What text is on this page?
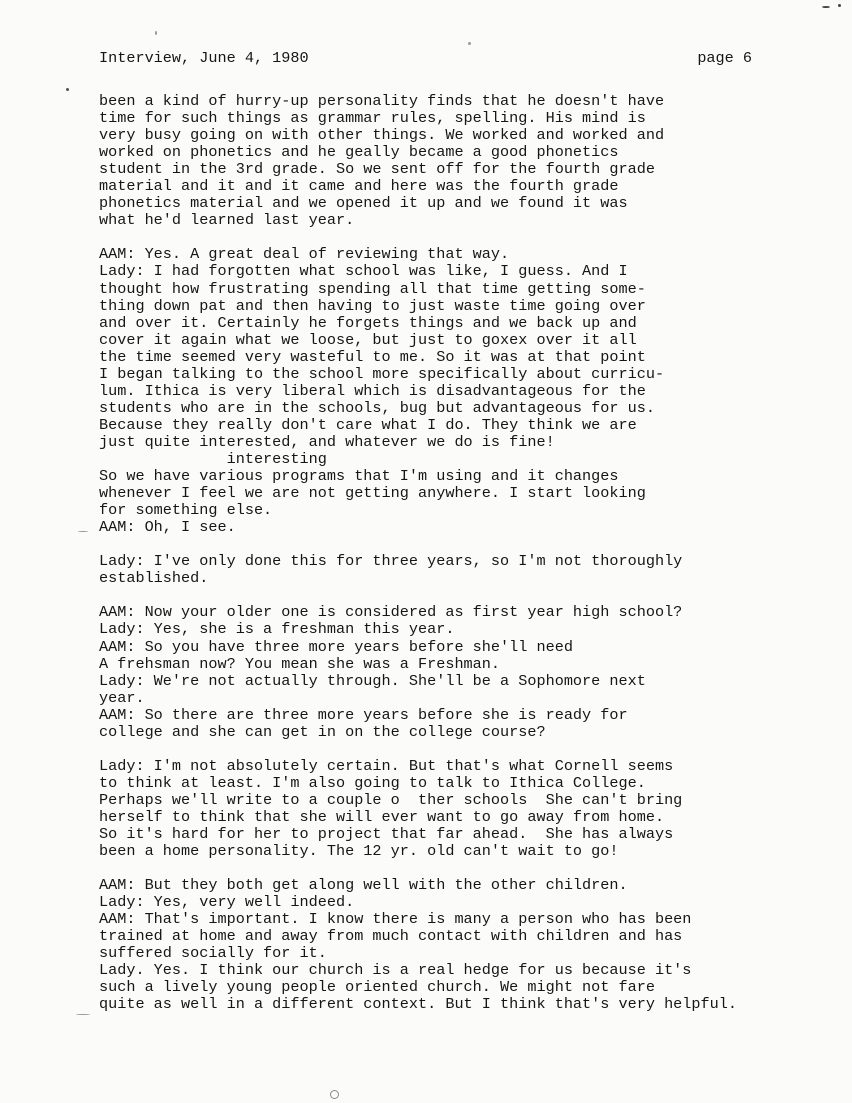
Interview, June 4, 1980	page 6
been a kind of hurry-up personality finds that he doesn't have
time for such things as grammar rules, spelling. His mind is
very busy going on with other things. We worked and worked and
worked on phonetics and he geally became a good phonetics
student in the 3rd grade. So we sent off for the fourth grade
material and it and it came and here was the fourth grade
phonetics material and we opened it up and we found it was
what he'd learned last year.
AAM: Yes. A great deal of reviewing that way.
Lady: I had forgotten what school was like, I guess. And I
thought how frustrating spending all that time getting some-
thing down pat and then having to just waste time going over
and over it. Certainly he forgets things and we back up and
cover it again what we loose, but just to goxex over it all
the time seemed very wasteful to me. So it was at that point
I began talking to the school more specifically about curricu-
lum. Ithica is very liberal which is disadvantageous for the
students who are in the schools, bug but advantageous for us.
Because they really don't care what I do. They think we are
just quite interested, and whatever we do is fine!
interesting
So we have various programs that I'm using and it changes
whenever I feel we are not getting anywhere. I start looking
for something else.
AAM: Oh, I see.
Lady: I've only done this for three years, so I'm not thoroughly
established.
AAM: Now your older one is considered as first year high school?
Lady: Yes, she is a freshman this year.
AAM: So you have three more years before she'll need
A frehsman now? You mean she was a Freshman.
Lady: We're not actually through. She'll be a Sophomore next
year.
AAM: So there are three more years before she is ready for
college and she can get in on the college course?
Lady: I'm not absolutely certain. But that's what Cornell seems
to think at least. I'm also going to talk to Ithica College.
Perhaps we'll write to a couple o  ther schools  She can't bring
herself to think that she will ever want to go away from home.
So it's hard for her to project that far ahead.  She has always
been a home personality. The 12 yr. old can't wait to go!
AAM: But they both get along well with the other children.
Lady: Yes, very well indeed.
AAM: That's important. I know there is many a person who has been
trained at home and away from much contact with children and has
suffered socially for it.
Lady. Yes. I think our church is a real hedge for us because it's
such a lively young people oriented church. We might not fare
quite as well in a different context. But I think that's very helpful.
